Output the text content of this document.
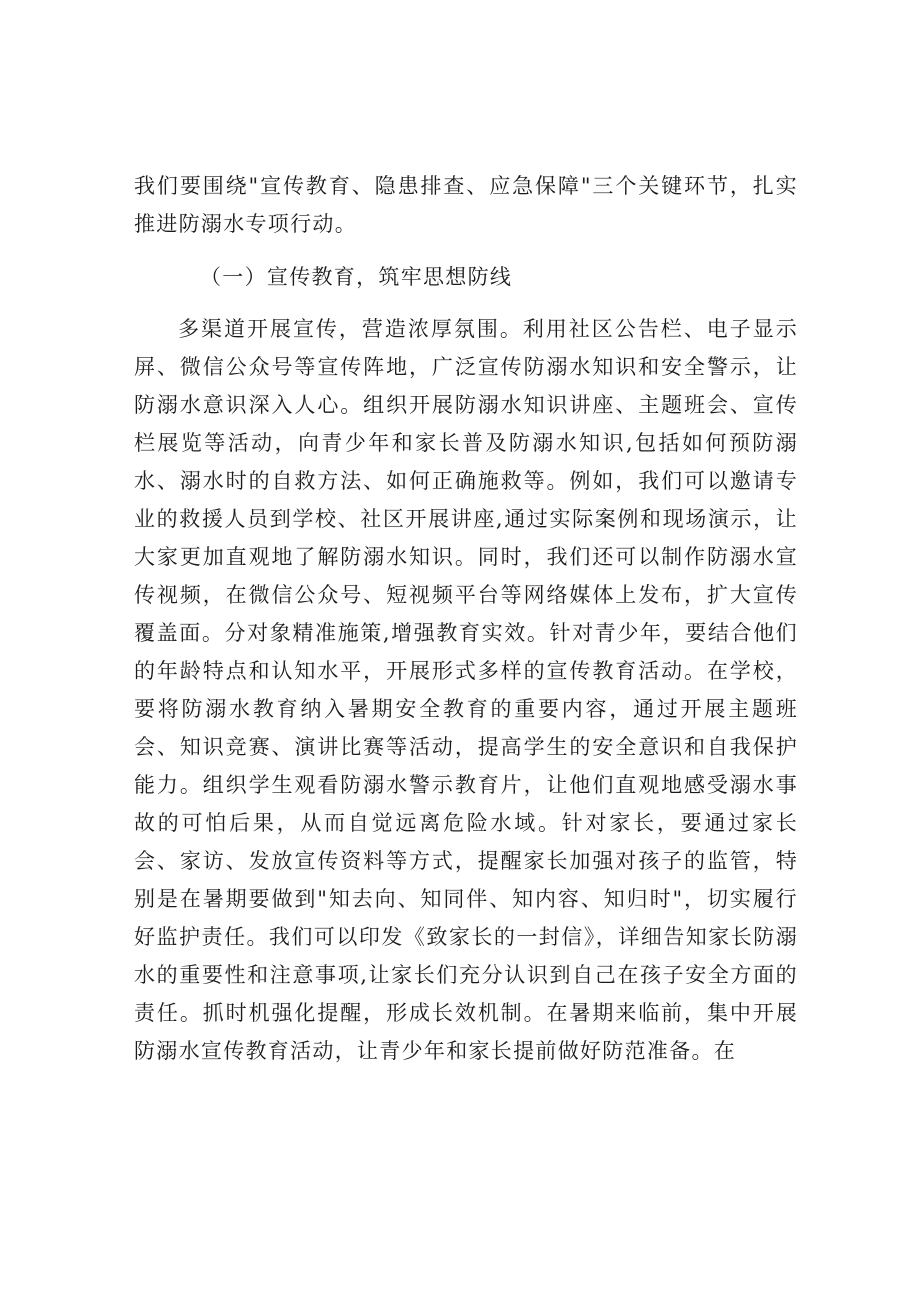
我们要围绕"宣传教育、隐患排查、应急保障"三个关键环节，扎实推进防溺水专项行动。

（一）宣传教育，筑牢思想防线

多渠道开展宣传，营造浓厚氛围。利用社区公告栏、电子显示屏、微信公众号等宣传阵地，广泛宣传防溺水知识和安全警示，让防溺水意识深入人心。组织开展防溺水知识讲座、主题班会、宣传栏展览等活动，向青少年和家长普及防溺水知识,包括如何预防溺水、溺水时的自救方法、如何正确施救等。例如，我们可以邀请专业的救援人员到学校、社区开展讲座,通过实际案例和现场演示，让大家更加直观地了解防溺水知识。同时，我们还可以制作防溺水宣传视频，在微信公众号、短视频平台等网络媒体上发布，扩大宣传覆盖面。分对象精准施策,增强教育实效。针对青少年，要结合他们的年龄特点和认知水平，开展形式多样的宣传教育活动。在学校，要将防溺水教育纳入暑期安全教育的重要内容，通过开展主题班会、知识竞赛、演讲比赛等活动，提高学生的安全意识和自我保护能力。组织学生观看防溺水警示教育片，让他们直观地感受溺水事故的可怕后果，从而自觉远离危险水域。针对家长，要通过家长会、家访、发放宣传资料等方式，提醒家长加强对孩子的监管，特别是在暑期要做到"知去向、知同伴、知内容、知归时"，切实履行好监护责任。我们可以印发《致家长的一封信》，详细告知家长防溺水的重要性和注意事项,让家长们充分认识到自己在孩子安全方面的责任。抓时机强化提醒，形成长效机制。在暑期来临前，集中开展防溺水宣传教育活动，让青少年和家长提前做好防范准备。在
